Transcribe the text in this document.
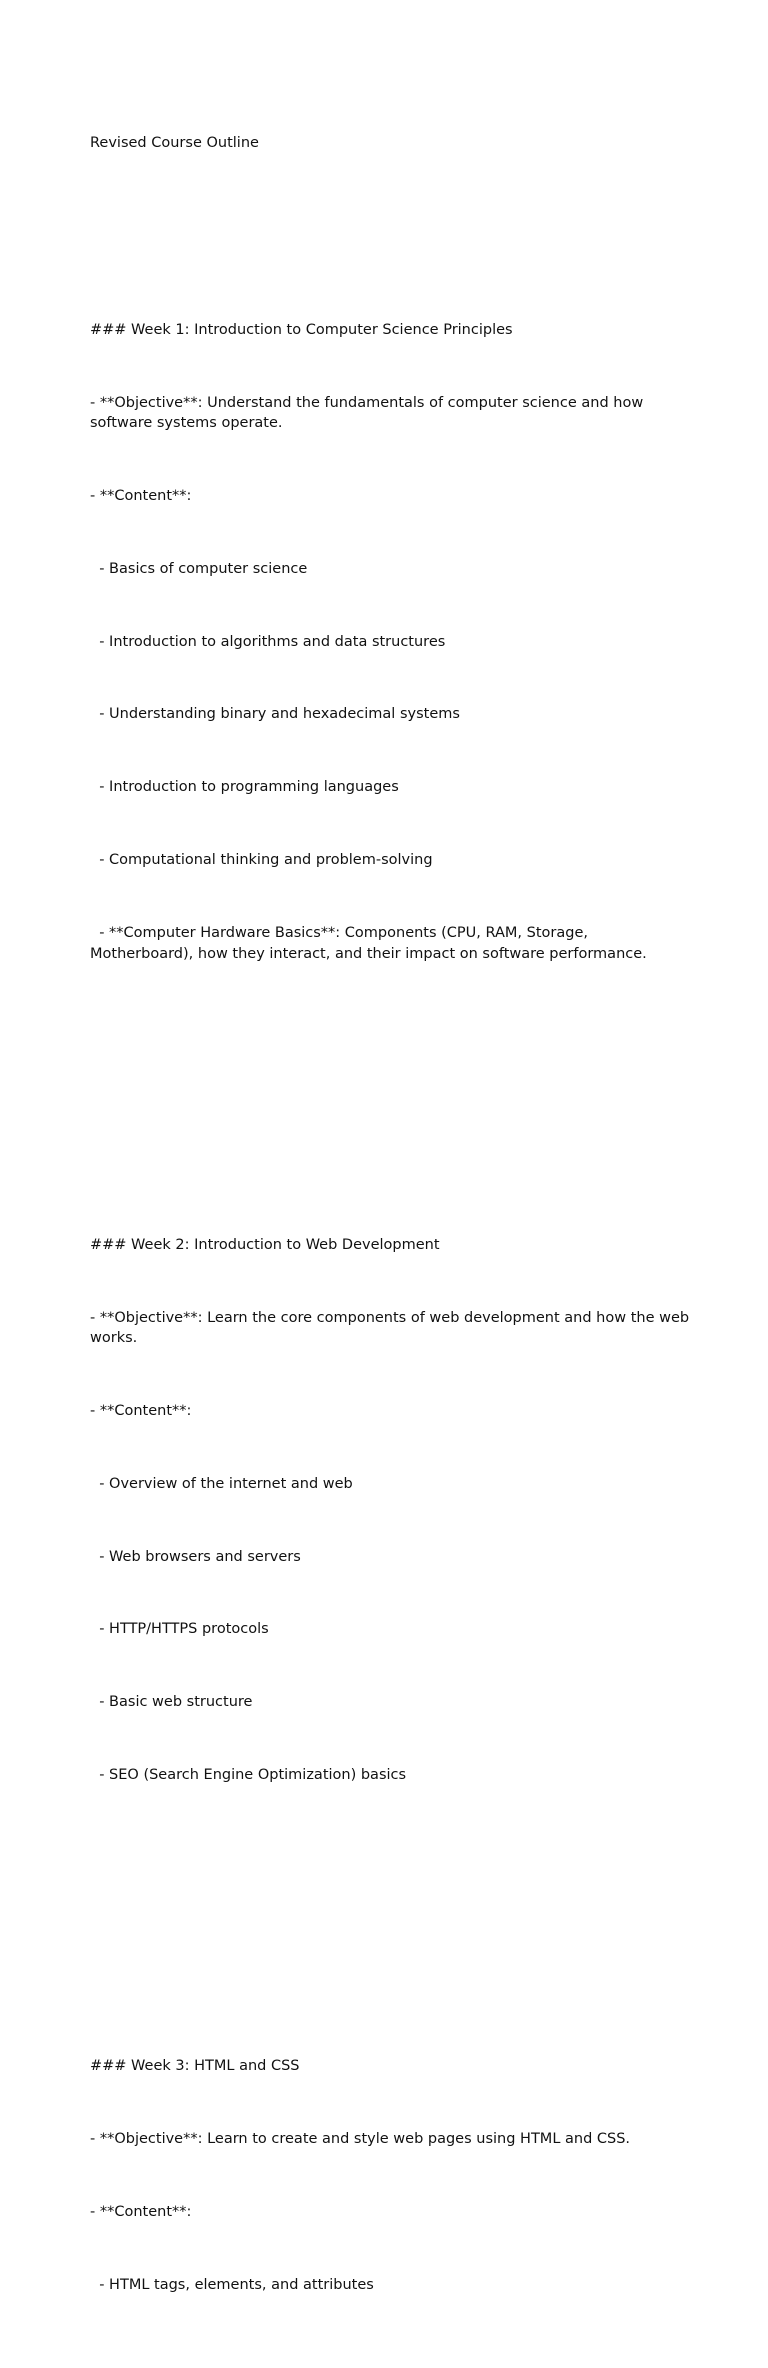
Revised Course Outline

### Week 1: Introduction to Computer Science Principles

- **Objective**: Understand the fundamentals of computer science and how software systems operate.

- **Content**:

- Basics of computer science

- Introduction to algorithms and data structures

- Understanding binary and hexadecimal systems

- Introduction to programming languages

- Computational thinking and problem-solving

- **Computer Hardware Basics**: Components (CPU, RAM, Storage, Motherboard), how they interact, and their impact on software performance.

### Week 2: Introduction to Web Development

- **Objective**: Learn the core components of web development and how the web works.

- **Content**:

- Overview of the internet and web

- Web browsers and servers

- HTTP/HTTPS protocols

- Basic web structure

- SEO (Search Engine Optimization) basics

### Week 3: HTML and CSS

- **Objective**: Learn to create and style web pages using HTML and CSS.

- **Content**:

- HTML tags, elements, and attributes
